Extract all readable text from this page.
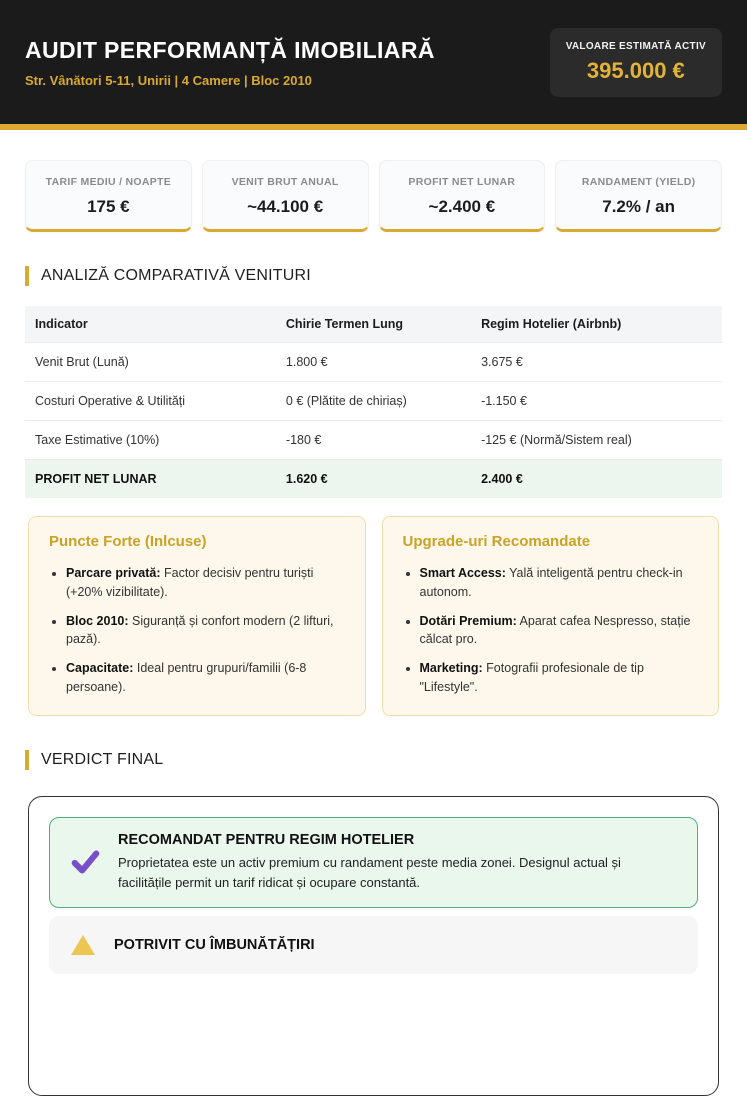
AUDIT PERFORMANȚĂ IMOBILIARĂ
Str. Vânători 5-11, Unirii | 4 Camere | Bloc 2010
VALOARE ESTIMATĂ ACTIV
395.000 €
TARIF MEDIU / NOAPTE
175 €
VENIT BRUT ANUAL
~44.100 €
PROFIT NET LUNAR
~2.400 €
RANDAMENT (YIELD)
7.2% / an
ANALIZĂ COMPARATIVĂ VENITURI
Indicator	Chirie Termen Lung	Regim Hotelier (Airbnb)
Venit Brut (Lună)	1.800 €	3.675 €
Costuri Operative & Utilități	0 € (Plătite de chiriaș)	-1.150 €
Taxe Estimative (10%)	-180 €	-125 € (Normă/Sistem real)
PROFIT NET LUNAR	1.620 €	2.400 €
Puncte Forte (Inlcuse)
• Parcare privată: Factor decisiv pentru turiști (+20% vizibilitate).
• Bloc 2010: Siguranță și confort modern (2 lifturi, pază).
• Capacitate: Ideal pentru grupuri/familii (6-8 persoane).
Upgrade-uri Recomandate
• Smart Access: Yală inteligentă pentru check-in autonom.
• Dotări Premium: Aparat cafea Nespresso, stație călcat pro.
• Marketing: Fotografii profesionale de tip "Lifestyle".
VERDICT FINAL
RECOMANDAT PENTRU REGIM HOTELIER
Proprietatea este un activ premium cu randament peste media zonei. Designul actual și facilitățile permit un tarif ridicat și ocupare constantă.
POTRIVIT CU ÎMBUNĂTĂȚIRI
